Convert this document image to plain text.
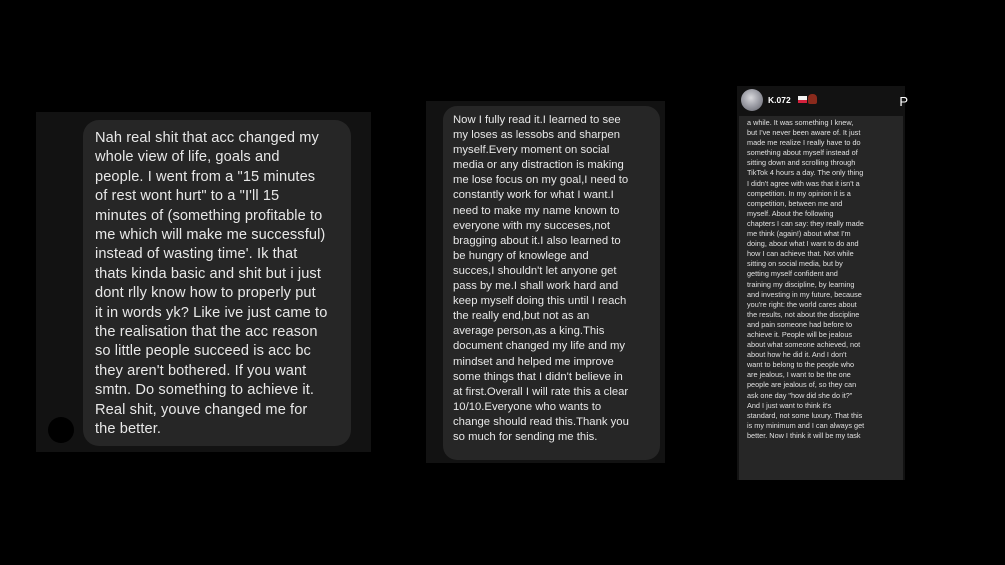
Nah real shit that acc changed my
whole view of life, goals and
people. I went from a "15 minutes
of rest wont hurt" to a "I'll 15
minutes of (something profitable to
me which will make me successful)
instead of wasting time'. Ik that
thats kinda basic and shit but i just
dont rlly know how to properly put
it in words yk? Like ive just came to
the realisation that the acc reason
so little people succeed is acc bc
they aren't bothered. If you want
smtn. Do something to achieve it.
Real shit, youve changed me for
the better.
Now I fully read it.I learned to see
my loses as lessobs and sharpen
myself.Every moment on social
media or any distraction is making
me lose focus on my goal,I need to
constantly work for what I want.I
need to make my name known to
everyone with my succeses,not
bragging about it.I also learned to
be hungry of knowlege and
succes,I shouldn't let anyone get
pass by me.I shall work hard and
keep myself doing this until I reach
the really end,but not as an
average person,as a king.This
document changed my life and my
mindset and helped me improve
some things that I didn't believe in
at first.Overall I will rate this a clear
10/10.Everyone who wants to
change should read this.Thank you
so much for sending me this.
K.072	P
a while. It was something I knew,
but I've never been aware of. It just
made me realize I really have to do
something about myself instead of
sitting down and scrolling through
TikTok 4 hours a day. The only thing
I didn't agree with was that it isn't a
competition. In my opinion it is a
competition, between me and
myself. About the following
chapters I can say: they really made
me think (again!) about what I'm
doing, about what I want to do and
how I can achieve that. Not while
sitting on social media, but by
getting myself confident and
training my discipline, by learning
and investing in my future, because
you're right: the world cares about
the results, not about the discipline
and pain someone had before to
achieve it. People will be jealous
about what someone achieved, not
about how he did it. And I don't
want to belong to the people who
are jealous, I want to be the one
people are jealous of, so they can
ask one day "how did she do it?"
And I just want to think it's
standard, not some luxury. That this
is my minimum and I can always get
better. Now I think it will be my task
